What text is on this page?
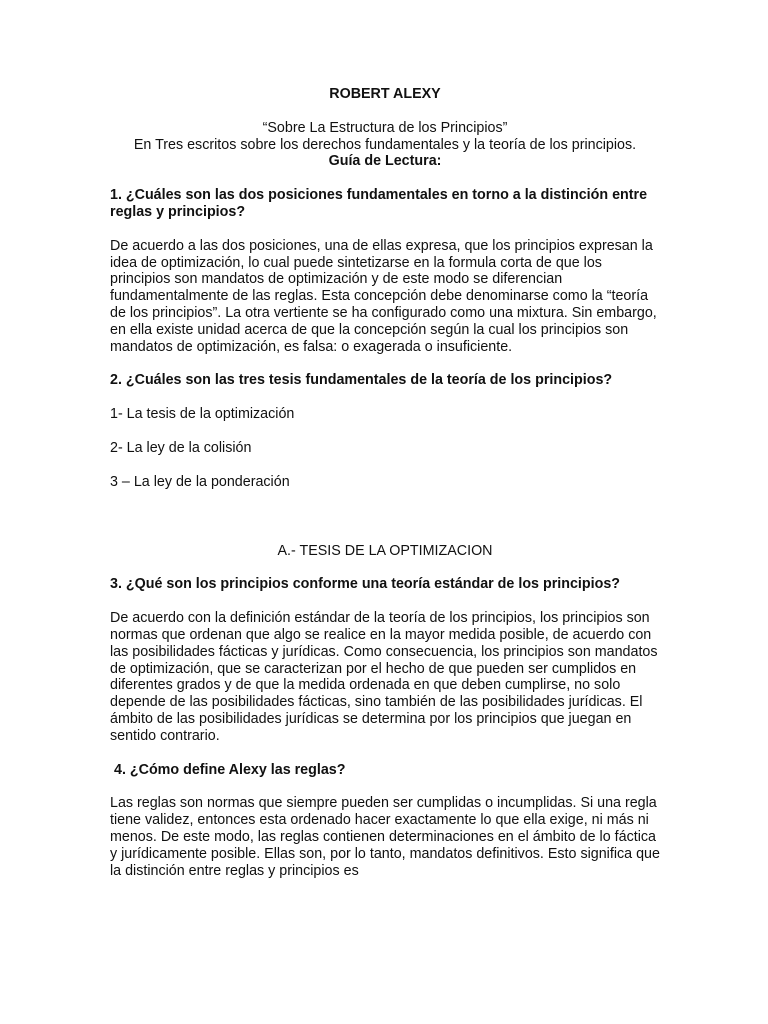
ROBERT ALEXY

“Sobre La Estructura de los Principios”

En Tres escritos sobre los derechos fundamentales y la teoría de los principios.

Guía de Lectura:

1. ¿Cuáles son las dos posiciones fundamentales en torno a la distinción entre reglas y principios?

De acuerdo a las dos posiciones, una de ellas expresa, que los principios expresan la idea de optimización, lo cual puede sintetizarse en la formula corta de que los principios son mandatos de optimización y de este modo se diferencian fundamentalmente de las reglas. Esta concepción debe denominarse como la “teoría de los principios”. La otra vertiente se ha configurado como una mixtura. Sin embargo, en ella existe unidad acerca de que la concepción según la cual los principios son mandatos de optimización, es falsa: o exagerada o insuficiente.

2. ¿Cuáles son las tres tesis fundamentales de la teoría de los principios?

1- La tesis de la optimización

2- La ley de la colisión

3 – La ley de la ponderación

A.- TESIS DE LA OPTIMIZACION

3. ¿Qué son los principios conforme una teoría estándar de los principios?

De acuerdo con la definición estándar de la teoría de los principios, los principios son normas que ordenan que algo se realice en la mayor medida posible, de acuerdo con las posibilidades fácticas y jurídicas. Como consecuencia, los principios son mandatos de optimización, que se caracterizan por el hecho de que pueden ser cumplidos en diferentes grados y de que la medida ordenada en que deben cumplirse, no solo depende de las posibilidades fácticas, sino también de las posibilidades jurídicas. El ámbito de las posibilidades jurídicas se determina por los principios que juegan en sentido contrario.

4. ¿Cómo define Alexy las reglas?

Las reglas son normas que siempre pueden ser cumplidas o incumplidas. Si una regla tiene validez, entonces esta ordenado hacer exactamente lo que ella exige, ni más ni menos. De este modo, las reglas contienen determinaciones en el ámbito de lo fáctica y jurídicamente posible. Ellas son, por lo tanto, mandatos definitivos. Esto significa que la distinción entre reglas y principios es
